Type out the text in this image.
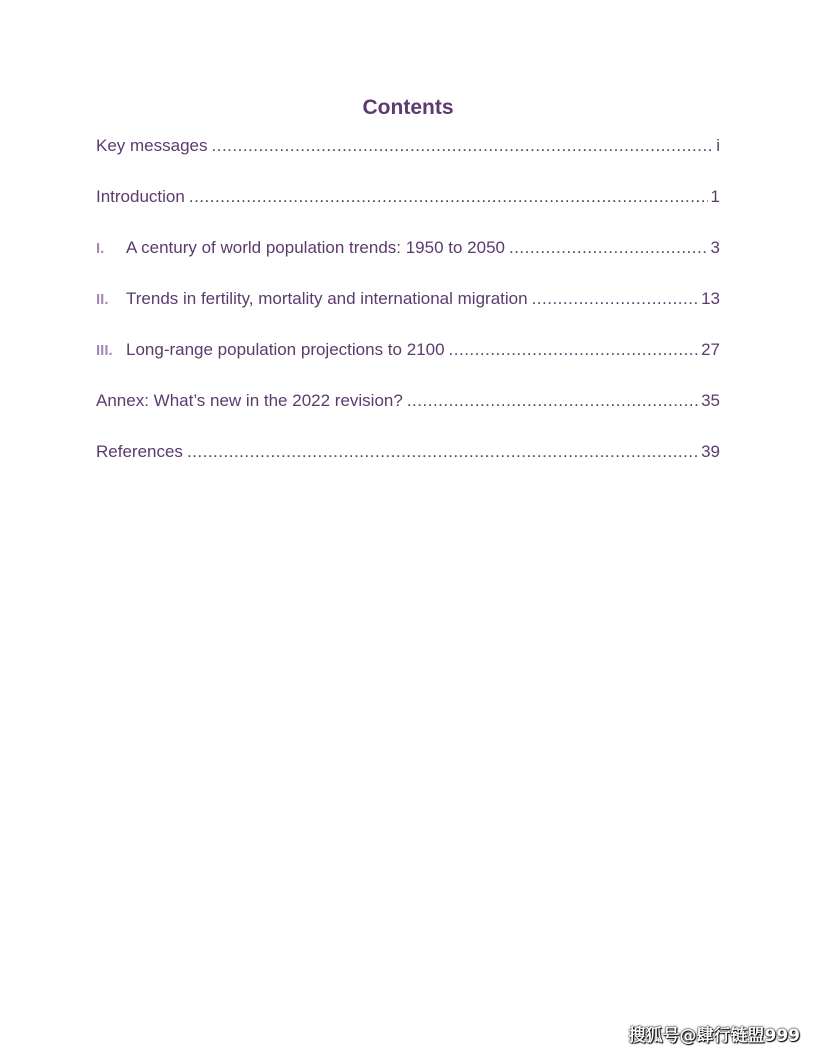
Contents
Key messages .....	i
Introduction .....	1
I.	A century of world population trends: 1950 to 2050 .....	3
II.	Trends in fertility, mortality and international migration .....	13
III. Long-range population projections to 2100 .....	27
Annex: What’s new in the 2022 revision? .....	35
References .....	39
搜狐号@肆行链盟999
